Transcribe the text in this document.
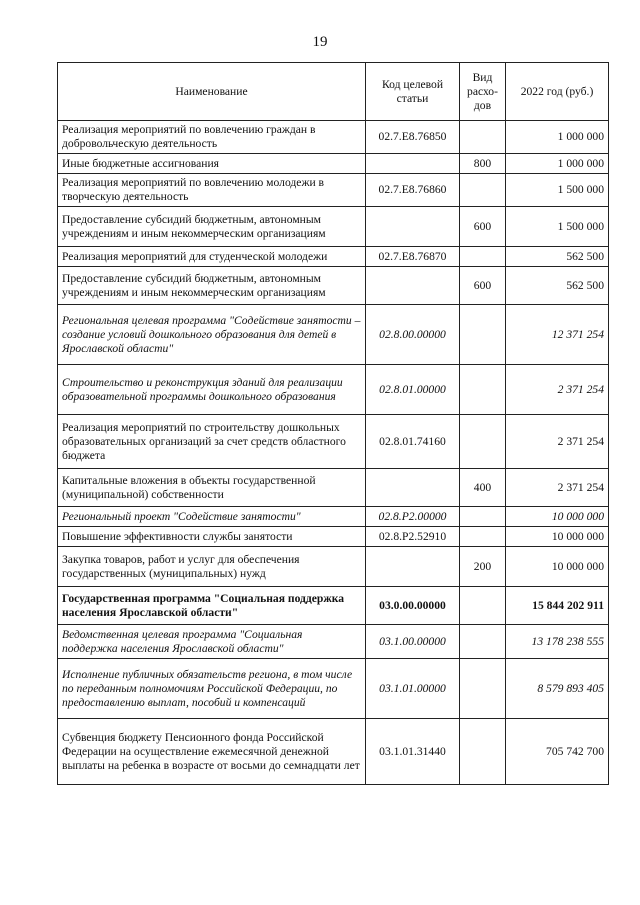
19
Наименование	Код целевой статьи	Вид расхо-дов	2022 год (руб.)
Реализация мероприятий по вовлечению граждан в добровольческую деятельность	02.7.Е8.76850		1 000 000
Иные бюджетные ассигнования		800	1 000 000
Реализация мероприятий по вовлечению молодежи в творческую деятельность	02.7.Е8.76860		1 500 000
Предоставление субсидий бюджетным, автономным учреждениям и иным некоммерческим организациям		600	1 500 000
Реализация мероприятий для студенческой молодежи	02.7.Е8.76870		562 500
Предоставление субсидий бюджетным, автономным учреждениям и иным некоммерческим организациям		600	562 500
Региональная целевая программа "Содействие занятости – создание условий дошкольного образования для детей в Ярославской области"	02.8.00.00000		12 371 254
Строительство и реконструкция зданий для реализации образовательной программы дошкольного образования	02.8.01.00000		2 371 254
Реализация мероприятий по строительству дошкольных образовательных организаций за счет средств областного бюджета	02.8.01.74160		2 371 254
Капитальные вложения в объекты государственной (муниципальной) собственности		400	2 371 254
Региональный проект "Содействие занятости"	02.8.P2.00000		10 000 000
Повышение эффективности службы занятости	02.8.P2.52910		10 000 000
Закупка товаров, работ и услуг для обеспечения государственных (муниципальных) нужд		200	10 000 000
Государственная программа "Социальная поддержка населения Ярославской области"	03.0.00.00000		15 844 202 911
Ведомственная целевая программа "Социальная поддержка населения Ярославской области"	03.1.00.00000		13 178 238 555
Исполнение публичных обязательств региона, в том числе по переданным полномочиям Российской Федерации, по предоставлению выплат, пособий и компенсаций	03.1.01.00000		8 579 893 405
Субвенция бюджету Пенсионного фонда Российской Федерации на осуществление ежемесячной денежной выплаты на ребенка в возрасте от восьми до семнадцати лет	03.1.01.31440		705 742 700
